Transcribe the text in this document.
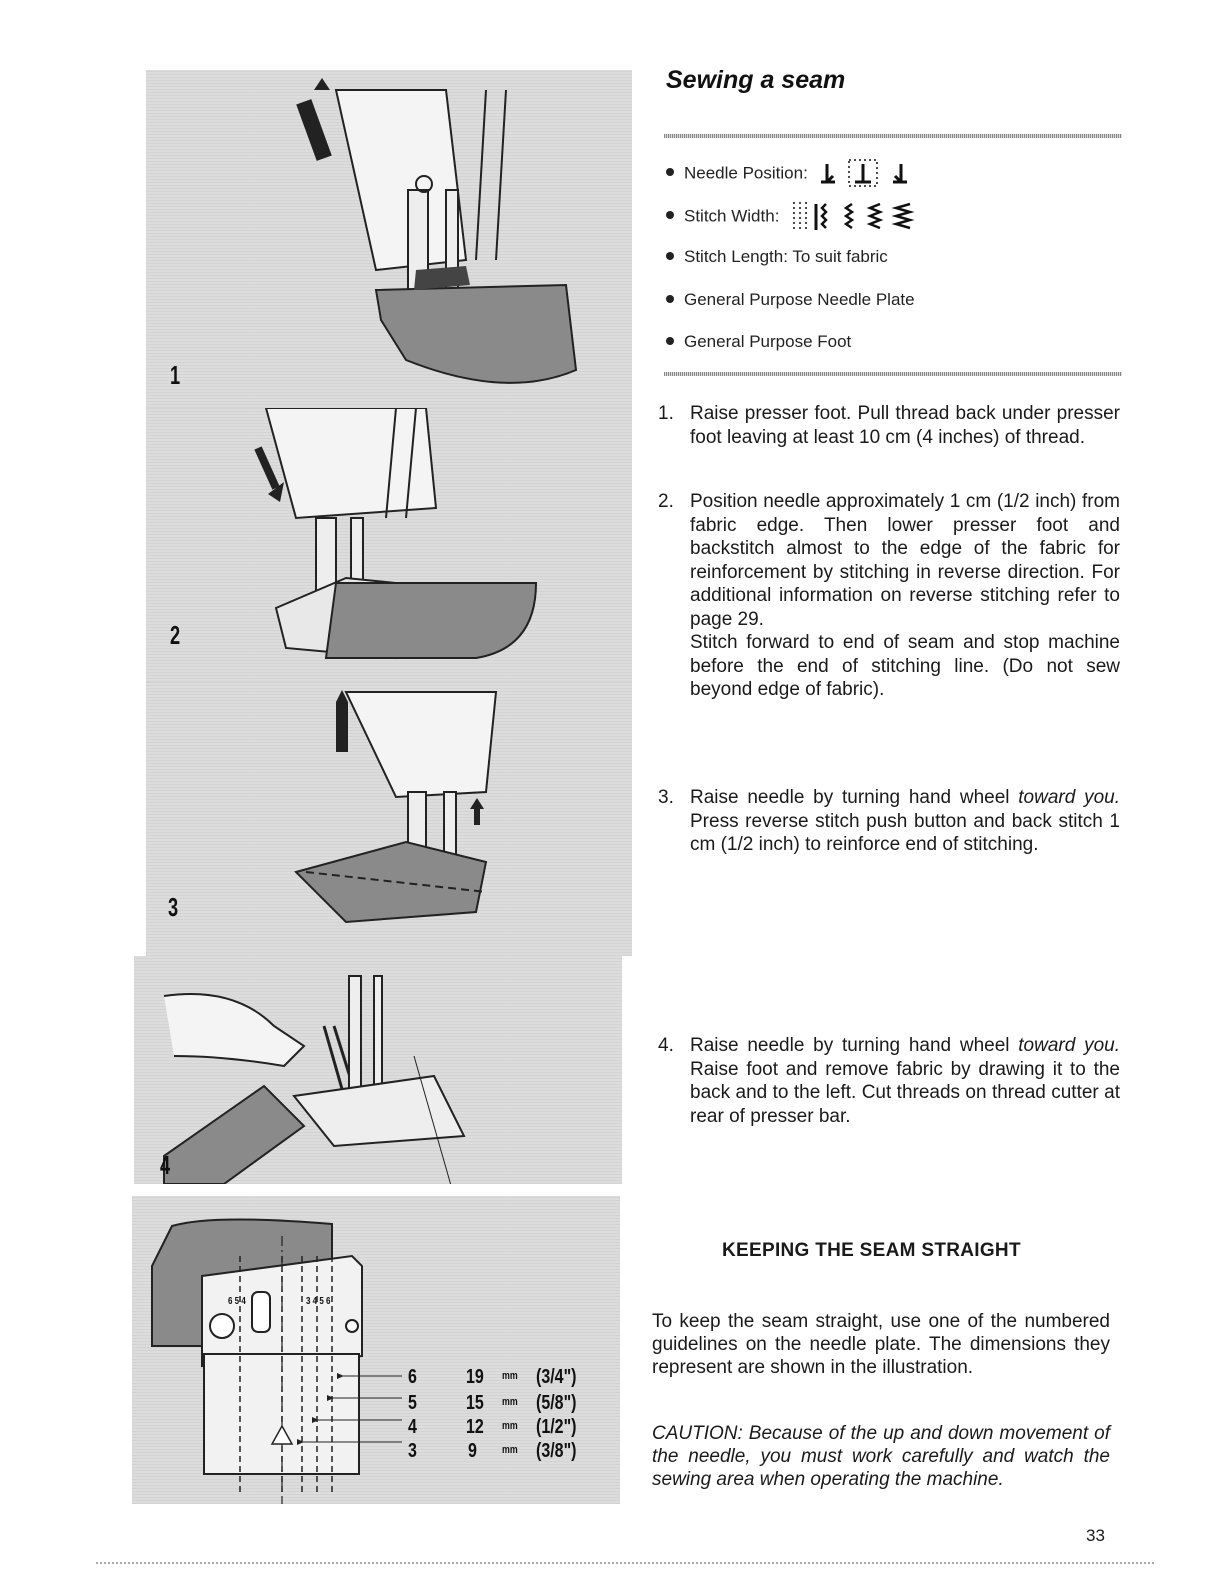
1
2
3
4
6 5 4	3 4 5 6
6 19 mm (3/4")
5 15 mm (5/8")
4 12 mm (1/2")
3	9 mm (3/8")
Sewing a seam
Needle Position:
Stitch Width:
Stitch Length: To suit fabric
General Purpose Needle Plate
General Purpose Foot
1. Raise presser foot. Pull thread back under presser foot leaving at least 10 cm (4 inches) of thread.
2. Position needle approximately 1 cm (1/2 inch) from fabric edge. Then lower presser foot and backstitch almost to the edge of the fabric for reinforcement by stitching in reverse direction. For additional information on reverse stitching refer to page 29.
Stitch forward to end of seam and stop machine before the end of stitching line. (Do not sew beyond edge of fabric).
3. Raise needle by turning hand wheel toward you. Press reverse stitch push button and back stitch 1 cm (1/2 inch) to reinforce end of stitching.
4. Raise needle by turning hand wheel toward you. Raise foot and remove fabric by drawing it to the back and to the left. Cut threads on thread cutter at rear of presser bar.
KEEPING THE SEAM STRAIGHT
To keep the seam straight, use one of the numbered guidelines on the needle plate. The dimensions they represent are shown in the illustration.
CAUTION: Because of the up and down movement of the needle, you must work carefully and watch the sewing area when operating the machine.
33
